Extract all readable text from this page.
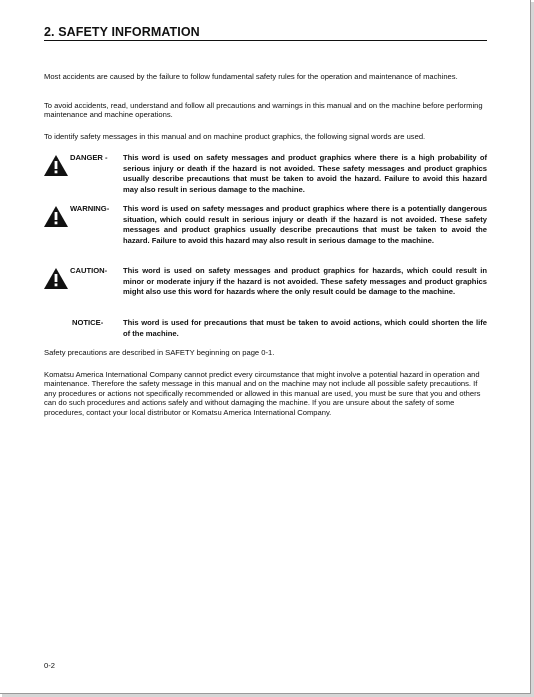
2. SAFETY INFORMATION
Most accidents are caused by the failure to follow fundamental safety rules for the operation and maintenance of machines.
To avoid accidents, read, understand and follow all precautions and warnings in this manual and on the machine before performing maintenance and machine operations.
To identify safety messages in this manual and on machine product graphics, the following signal words are used.
DANGER - This word is used on safety messages and product graphics where there is a high probability of serious injury or death if the hazard is not avoided. These safety messages and product graphics usually describe precautions that must be taken to avoid the hazard. Failure to avoid this hazard may also result in serious damage to the machine.
WARNING- This word is used on safety messages and product graphics where there is a potentially dangerous situation, which could result in serious injury or death if the hazard is not avoided. These safety messages and product graphics usually describe precautions that must be taken to avoid the hazard. Failure to avoid this hazard may also result in serious damage to the machine.
CAUTION- This word is used on safety messages and product graphics for hazards, which could result in minor or moderate injury if the hazard is not avoided. These safety messages and product graphics might also use this word for hazards where the only result could be damage to the machine.
NOTICE-	This word is used for precautions that must be taken to avoid actions, which could shorten the life of the machine.
Safety precautions are described in SAFETY beginning on page 0-1.
Komatsu America International Company cannot predict every circumstance that might involve a potential hazard in operation and maintenance. Therefore the safety message in this manual and on the machine may not include all possible safety precautions. If any procedures or actions not specifically recommended or allowed in this manual are used, you must be sure that you and others can do such procedures and actions safely and without damaging the machine. If you are unsure about the safety of some procedures, contact your local distributor or Komatsu America International Company.
0-2
